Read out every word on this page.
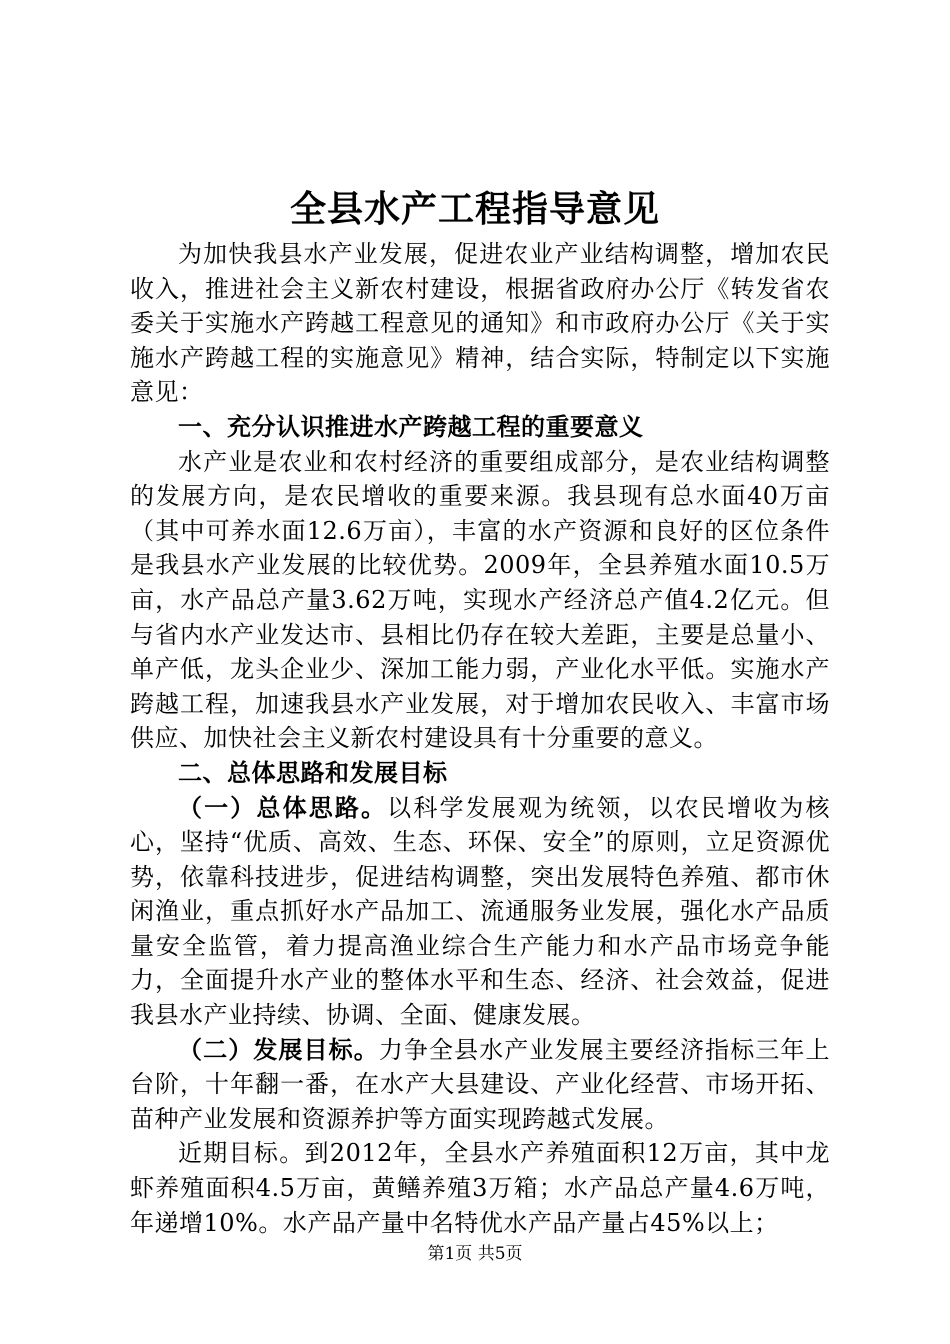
全县水产工程指导意见

为加快我县水产业发展，促进农业产业结构调整，增加农民收入，推进社会主义新农村建设，根据省政府办公厅《转发省农委关于实施水产跨越工程意见的通知》和市政府办公厅《关于实施水产跨越工程的实施意见》精神，结合实际，特制定以下实施意见：

一、充分认识推进水产跨越工程的重要意义

水产业是农业和农村经济的重要组成部分，是农业结构调整的发展方向，是农民增收的重要来源。我县现有总水面40万亩（其中可养水面12.6万亩），丰富的水产资源和良好的区位条件是我县水产业发展的比较优势。2009年，全县养殖水面10.5万亩，水产品总产量3.62万吨，实现水产经济总产值4.2亿元。但与省内水产业发达市、县相比仍存在较大差距，主要是总量小、单产低，龙头企业少、深加工能力弱，产业化水平低。实施水产跨越工程，加速我县水产业发展，对于增加农民收入、丰富市场供应、加快社会主义新农村建设具有十分重要的意义。

二、总体思路和发展目标

（一）总体思路。以科学发展观为统领，以农民增收为核心，坚持“优质、高效、生态、环保、安全”的原则，立足资源优势，依靠科技进步，促进结构调整，突出发展特色养殖、都市休闲渔业，重点抓好水产品加工、流通服务业发展，强化水产品质量安全监管，着力提高渔业综合生产能力和水产品市场竞争能力，全面提升水产业的整体水平和生态、经济、社会效益，促进我县水产业持续、协调、全面、健康发展。

（二）发展目标。力争全县水产业发展主要经济指标三年上台阶，十年翻一番，在水产大县建设、产业化经营、市场开拓、苗种产业发展和资源养护等方面实现跨越式发展。

近期目标。到2012年，全县水产养殖面积12万亩，其中龙虾养殖面积4.5万亩，黄鳝养殖3万箱；水产品总产量4.6万吨，年递增10%。水产品产量中名特优水产品产量占45%以上；

第1页 共5页
